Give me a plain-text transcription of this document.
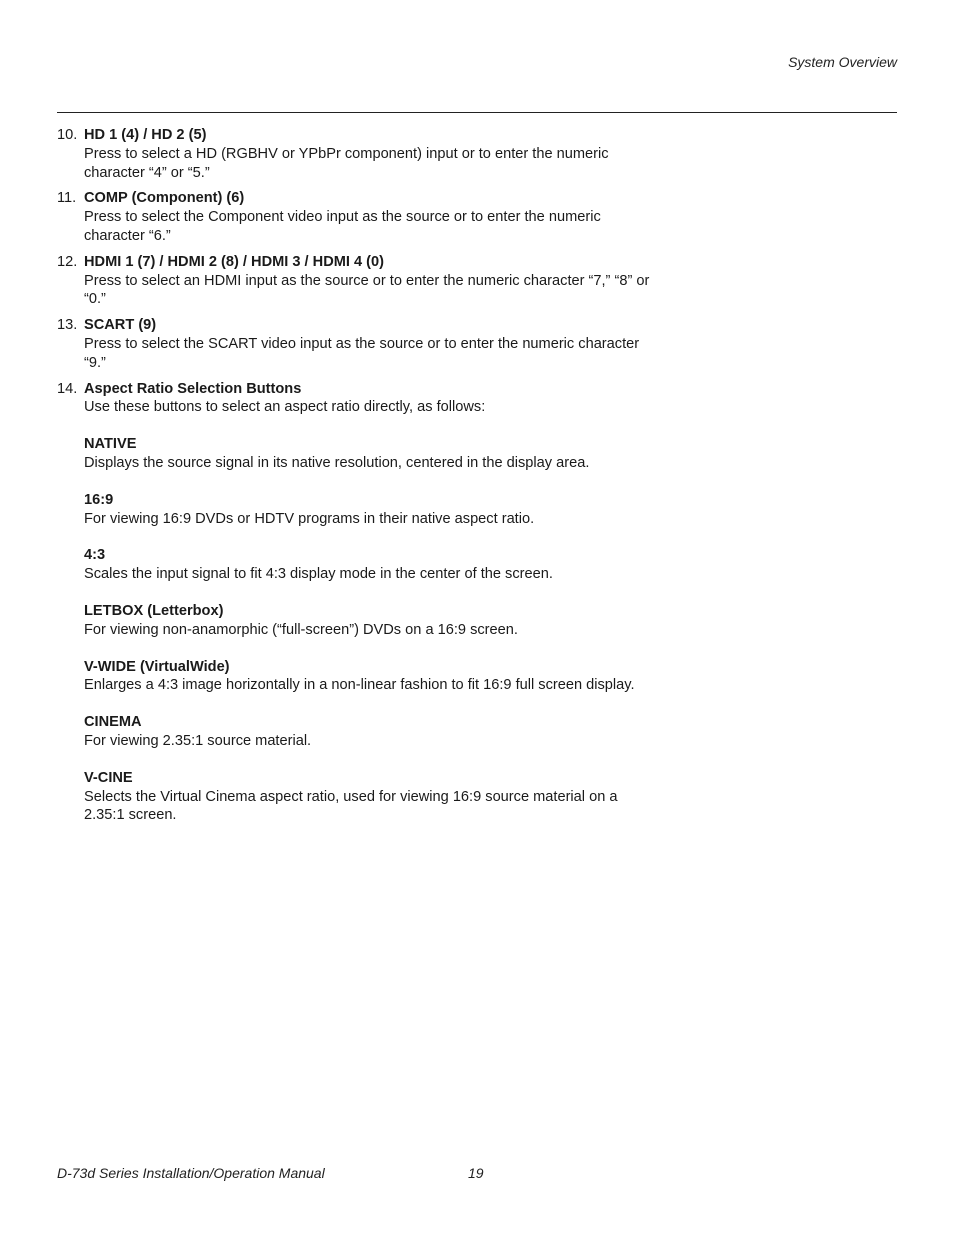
System Overview
10. HD 1 (4) / HD 2 (5)
Press to select a HD (RGBHV or YPbPr component) input or to enter the numeric character “4” or “5.”
11. COMP (Component) (6)
Press to select the Component video input as the source or to enter the numeric character “6.”
12. HDMI 1 (7) / HDMI 2 (8) / HDMI 3 / HDMI 4 (0)
Press to select an HDMI input as the source or to enter the numeric character “7,” “8” or “0.”
13. SCART (9)
Press to select the SCART video input as the source or to enter the numeric character “9.”
14. Aspect Ratio Selection Buttons
Use these buttons to select an aspect ratio directly, as follows:
NATIVE
Displays the source signal in its native resolution, centered in the display area.
16:9
For viewing 16:9 DVDs or HDTV programs in their native aspect ratio.
4:3
Scales the input signal to fit 4:3 display mode in the center of the screen.
LETBOX (Letterbox)
For viewing non-anamorphic (“full-screen”) DVDs on a 16:9 screen.
V-WIDE (VirtualWide)
Enlarges a 4:3 image horizontally in a non-linear fashion to fit 16:9 full screen display.
CINEMA
For viewing 2.35:1 source material.
V-CINE
Selects the Virtual Cinema aspect ratio, used for viewing 16:9 source material on a 2.35:1 screen.
D-73d Series Installation/Operation Manual	19
